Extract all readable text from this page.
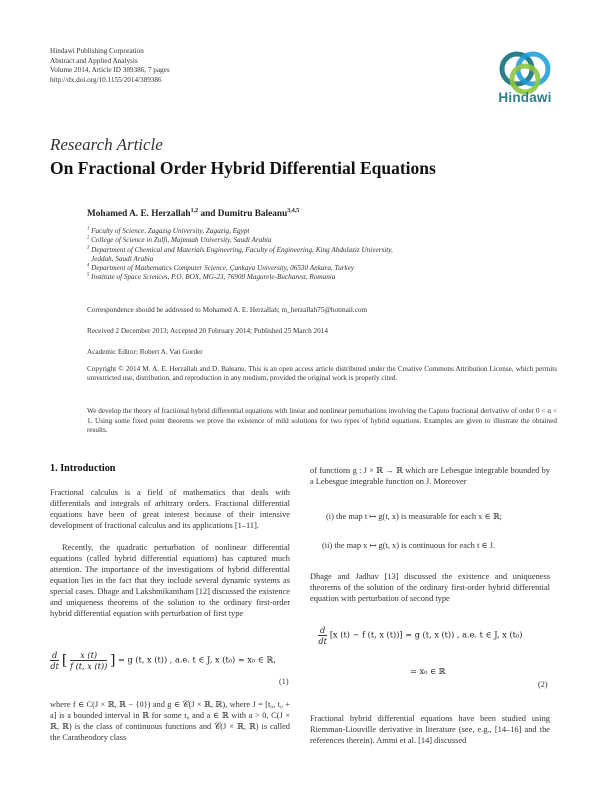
Hindawi Publishing Corporation
Abstract and Applied Analysis
Volume 2014, Article ID 389386, 7 pages
http://dx.doi.org/10.1155/2014/389386
Hindawi
Research Article
On Fractional Order Hybrid Differential Equations
Mohamed A. E. Herzallah$^{1,2}$ and Dumitru Baleanu$^{3,4,5}$
$^1$ Faculty of Science, Zagazig University, Zagazig, Egypt
$^2$ College of Science in Zulfi, Majmaah University, Saudi Arabia
$^3$ Department of Chemical and Materials Engineering, Faculty of Engineering, King Abdulaziz University,
Jeddah, Saudi Arabia
$^4$ Department of Mathematics Computer Science, Çankaya University, 06530 Ankara, Turkey
$^5$ Institute of Space Sciences, P.O. BOX, MG-23, 76900 Magurele-Bucharest, Romania
Correspondence should be addressed to Mohamed A. E. Herzallah; m_herzallah75@hotmail.com
Received 2 December 2013; Accepted 20 February 2014; Published 25 March 2014
Academic Editor: Robert A. Van Gorder
Copyright © 2014 M. A. E. Herzallah and D. Baleanu. This is an open access article distributed under the Creative Commons Attribution License, which permits unrestricted use, distribution, and reproduction in any medium, provided the original work is properly cited.
We develop the theory of fractional hybrid differential equations with linear and nonlinear perturbations involving the Caputo fractional derivative of order 0 < α < 1. Using some fixed point theorems we prove the existence of mild solutions for two types of hybrid equations. Examples are given to illustrate the obtained results.
1. Introduction
Fractional calculus is a field of mathematics that deals with differentials and integrals of arbitrary orders. Fractional differential equations have been of great interest because of their intensive development of fractional calculus and its applications [1–11].
Recently, the quadratic perturbation of nonlinear differential equations (called hybrid differential equations) has captured much attention. The importance of the investigations of hybrid differential equation lies in the fact that they include several dynamic systems as special cases. Dhage and Lakshmikantham [12] discussed the existence and uniqueness theorems of the solution to the ordinary first-order hybrid differential equation with perturbation of first type
$\frac{d}{dt}$ [ $\frac{x (t)}{f (t, x (t))}$ ] = g (t, x (t)) , a.e. t ∈ J, x (t₀) = x₀ ∈ ℝ,
(1)
where f ∈ C(J × ℝ, ℝ − {0}) and g ∈ 𝒞(J × ℝ, ℝ), where J = [t₀, t₀ + a] is a bounded interval in ℝ for some t₀ and a ∈ ℝ with a > 0, C(J × ℝ, ℝ) is the class of continuous functions and 𝒞(J × ℝ, ℝ) is called the Caratheodory class
of functions g : J × ℝ → ℝ which are Lebesgue integrable bounded by a Lebesgue integrable function on J. Moreover
(i) the map t ↦ g(t, x) is measurable for each x ∈ ℝ;
(ii) the map x ↦ g(t, x) is continuous for each t ∈ J.
Dhage and Jadhav [13] discussed the existence and uniqueness theorems of the solution of the ordinary first-order hybrid differential equation with perturbation of second type
$\frac{d}{dt} [x$ (t) − f (t, x (t))] = g (t, x (t)) , a.e. t ∈ J, x (t₀)
= x₀ ∈ ℝ
(2)
Fractional hybrid differential equations have been studied using Riemman-Liouville derivative in literature (see, e.g., [14–16] and the references therein). Ammi et al. [14] discussed
